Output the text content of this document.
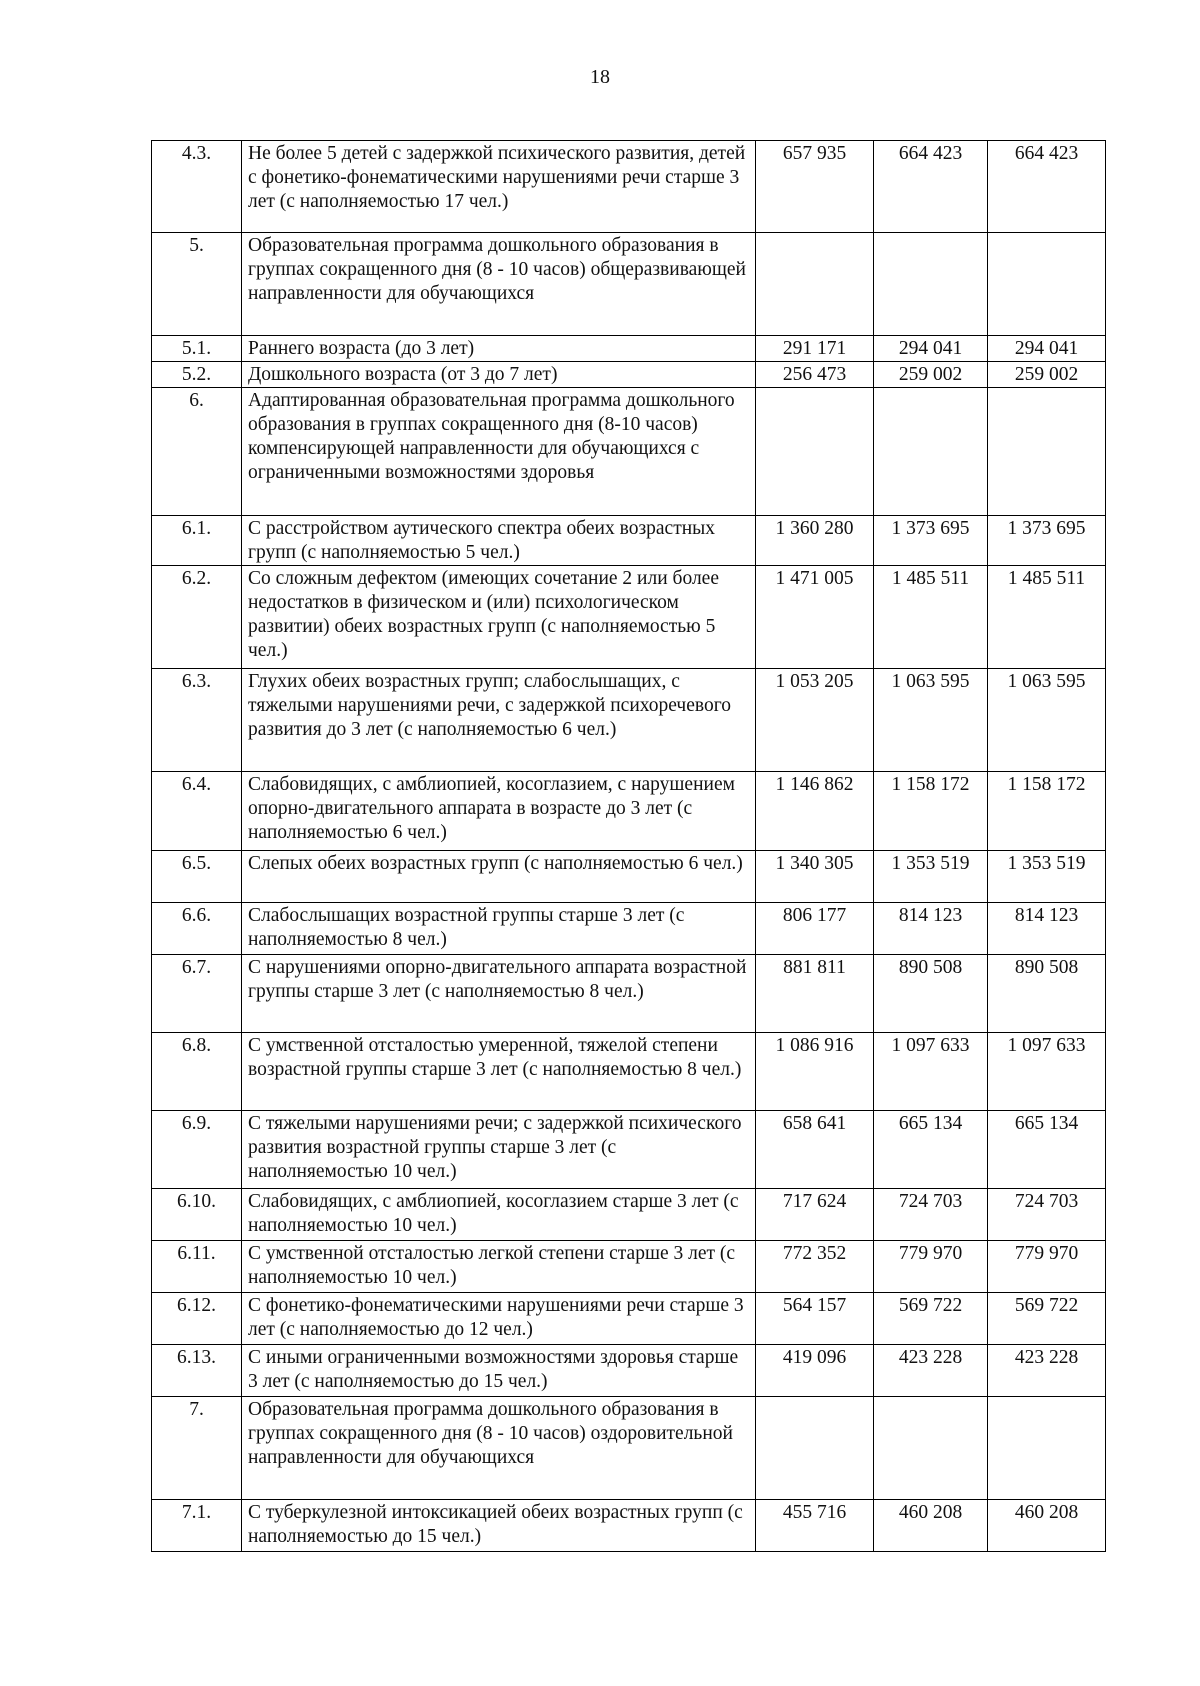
18
4.3.	Не более 5 детей с задержкой психического развития, детей с фонетико-фонематическими нарушениями речи старше 3 лет (с наполняемостью 17 чел.)	657 935	664 423	664 423
5.	Образовательная программа дошкольного образования в группах сокращенного дня (8 - 10 часов) общеразвивающей направленности для обучающихся			
5.1.	Раннего возраста (до 3 лет)	291 171	294 041	294 041
5.2.	Дошкольного возраста (от 3 до 7 лет)	256 473	259 002	259 002
6.	Адаптированная образовательная программа дошкольного образования в группах сокращенного дня (8-10 часов) компенсирующей направленности для обучающихся с ограниченными возможностями здоровья			
6.1.	С расстройством аутического спектра обеих возрастных групп (с наполняемостью 5 чел.)	1 360 280	1 373 695	1 373 695
6.2.	Со сложным дефектом (имеющих сочетание 2 или более недостатков в физическом и (или) психологическом развитии) обеих возрастных групп (с наполняемостью 5 чел.)	1 471 005	1 485 511	1 485 511
6.3.	Глухих обеих возрастных групп; слабослышащих, с тяжелыми нарушениями речи, с задержкой психоречевого развития до 3 лет (с наполняемостью 6 чел.)	1 053 205	1 063 595	1 063 595
6.4.	Слабовидящих, с амблиопией, косоглазием, с нарушением опорно-двигательного аппарата в возрасте до 3 лет (с наполняемостью 6 чел.)	1 146 862	1 158 172	1 158 172
6.5.	Слепых обеих возрастных групп (с наполняемостью 6 чел.)	1 340 305	1 353 519	1 353 519
6.6.	Слабослышащих возрастной группы старше 3 лет (с наполняемостью 8 чел.)	806 177	814 123	814 123
6.7.	С нарушениями опорно-двигательного аппарата возрастной группы старше 3 лет (с наполняемостью 8 чел.)	881 811	890 508	890 508
6.8.	С умственной отсталостью умеренной, тяжелой степени возрастной группы старше 3 лет (с наполняемостью 8 чел.)	1 086 916	1 097 633	1 097 633
6.9.	С тяжелыми нарушениями речи; с задержкой психического развития возрастной группы старше 3 лет (с наполняемостью 10 чел.)	658 641	665 134	665 134
6.10.	Слабовидящих, с амблиопией, косоглазием старше 3 лет (с наполняемостью 10 чел.)	717 624	724 703	724 703
6.11.	С умственной отсталостью легкой степени старше 3 лет (с наполняемостью 10 чел.)	772 352	779 970	779 970
6.12.	С фонетико-фонематическими нарушениями речи старше 3 лет (с наполняемостью до 12 чел.)	564 157	569 722	569 722
6.13.	С иными ограниченными возможностями здоровья старше 3 лет (с наполняемостью до 15 чел.)	419 096	423 228	423 228
7.	Образовательная программа дошкольного образования в группах сокращенного дня (8 - 10 часов) оздоровительной направленности для обучающихся			
7.1.	С туберкулезной интоксикацией обеих возрастных групп (с наполняемостью до 15 чел.)	455 716	460 208	460 208
